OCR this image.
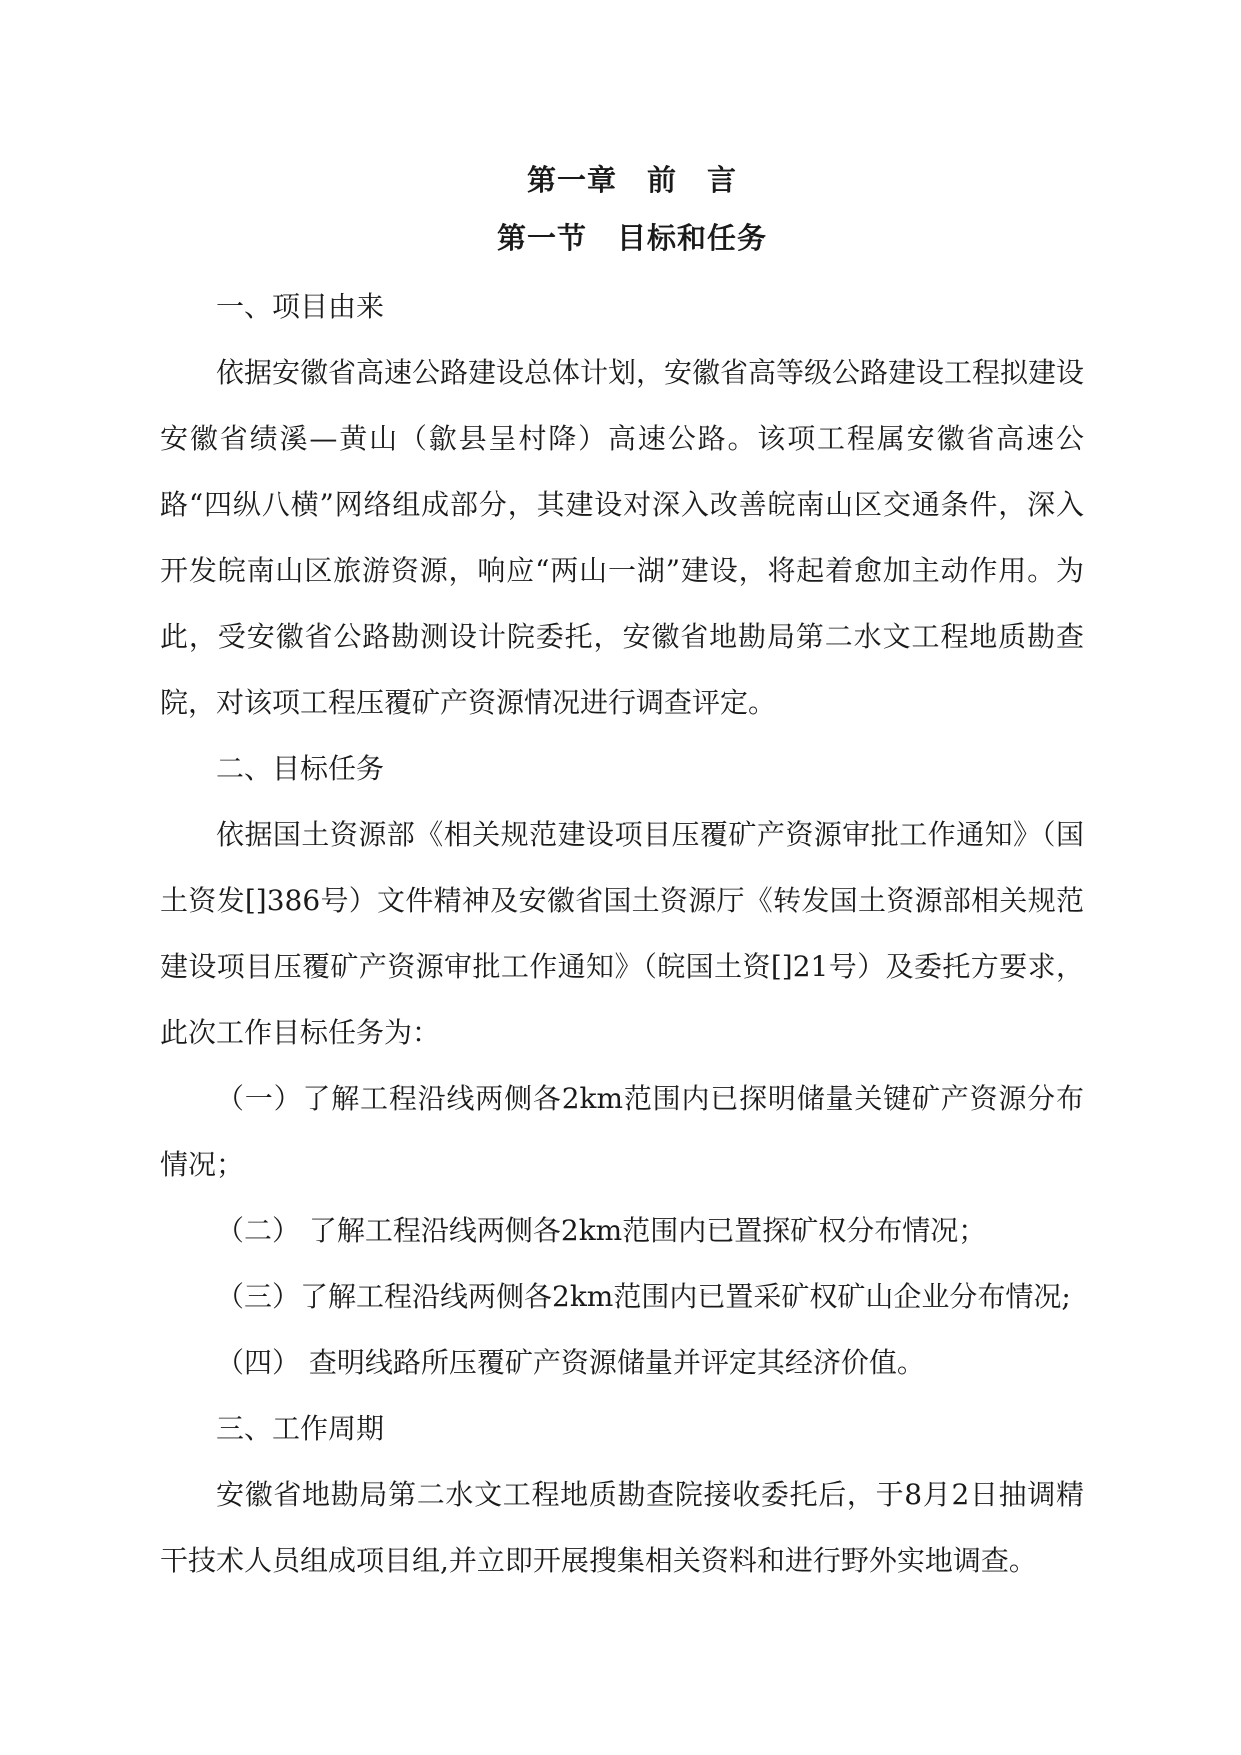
第一章　前　言
第一节　目标和任务

一、项目由来

依据安徽省高速公路建设总体计划，安徽省高等级公路建设工程拟建设安徽省绩溪—黄山（歙县呈村降）高速公路。该项工程属安徽省高速公路“四纵八横”网络组成部分，其建设对深入改善皖南山区交通条件，深入开发皖南山区旅游资源，响应“两山一湖”建设，将起着愈加主动作用。为此，受安徽省公路勘测设计院委托，安徽省地勘局第二水文工程地质勘查院，对该项工程压覆矿产资源情况进行调查评定。

二、目标任务

依据国土资源部《相关规范建设项目压覆矿产资源审批工作通知》（国土资发[]386号）文件精神及安徽省国土资源厅《转发国土资源部相关规范建设项目压覆矿产资源审批工作通知》（皖国土资[]21号）及委托方要求，此次工作目标任务为：

（一）了解工程沿线两侧各2km范围内已探明储量关键矿产资源分布情况；

（二） 了解工程沿线两侧各2km范围内已置探矿权分布情况；

（三）了解工程沿线两侧各2km范围内已置采矿权矿山企业分布情况;

（四） 查明线路所压覆矿产资源储量并评定其经济价值。

三、工作周期

安徽省地勘局第二水文工程地质勘查院接收委托后，于8月2日抽调精干技术人员组成项目组,并立即开展搜集相关资料和进行野外实地调查。
